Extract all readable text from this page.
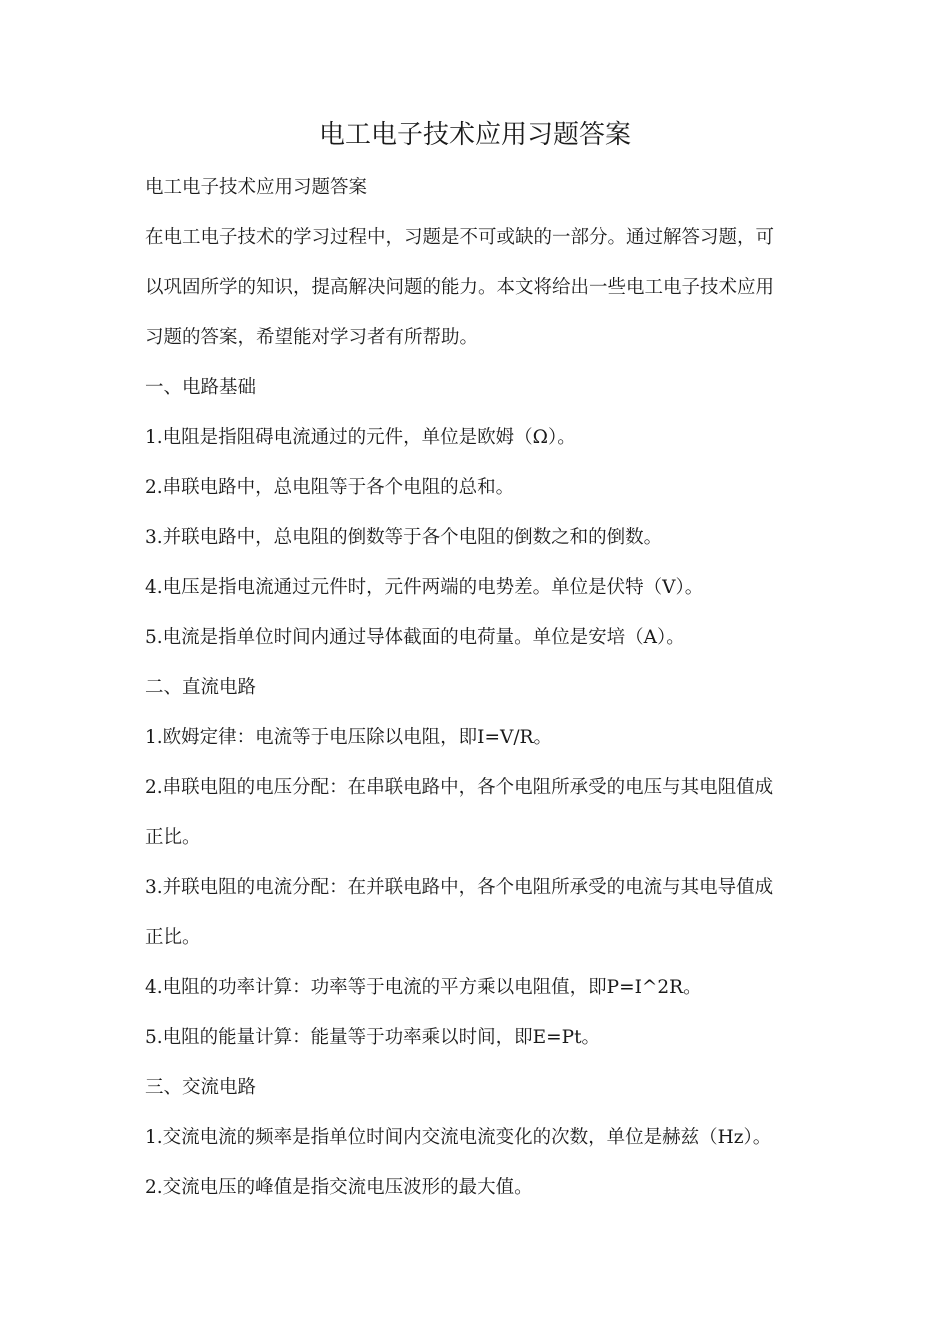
电工电子技术应用习题答案

电工电子技术应用习题答案

在电工电子技术的学习过程中，习题是不可或缺的一部分。通过解答习题，可

以巩固所学的知识，提高解决问题的能力。本文将给出一些电工电子技术应用

习题的答案，希望能对学习者有所帮助。

一、电路基础

1.电阻是指阻碍电流通过的元件，单位是欧姆（Ω）。

2.串联电路中，总电阻等于各个电阻的总和。

3.并联电路中，总电阻的倒数等于各个电阻的倒数之和的倒数。

4.电压是指电流通过元件时，元件两端的电势差。单位是伏特（V）。

5.电流是指单位时间内通过导体截面的电荷量。单位是安培（A）。

二、直流电路

1.欧姆定律：电流等于电压除以电阻，即I=V/R。

2.串联电阻的电压分配：在串联电路中，各个电阻所承受的电压与其电阻值成

正比。

3.并联电阻的电流分配：在并联电路中，各个电阻所承受的电流与其电导值成

正比。

4.电阻的功率计算：功率等于电流的平方乘以电阻值，即P=I^2R。

5.电阻的能量计算：能量等于功率乘以时间，即E=Pt。

三、交流电路

1.交流电流的频率是指单位时间内交流电流变化的次数，单位是赫兹（Hz）。

2.交流电压的峰值是指交流电压波形的最大值。
